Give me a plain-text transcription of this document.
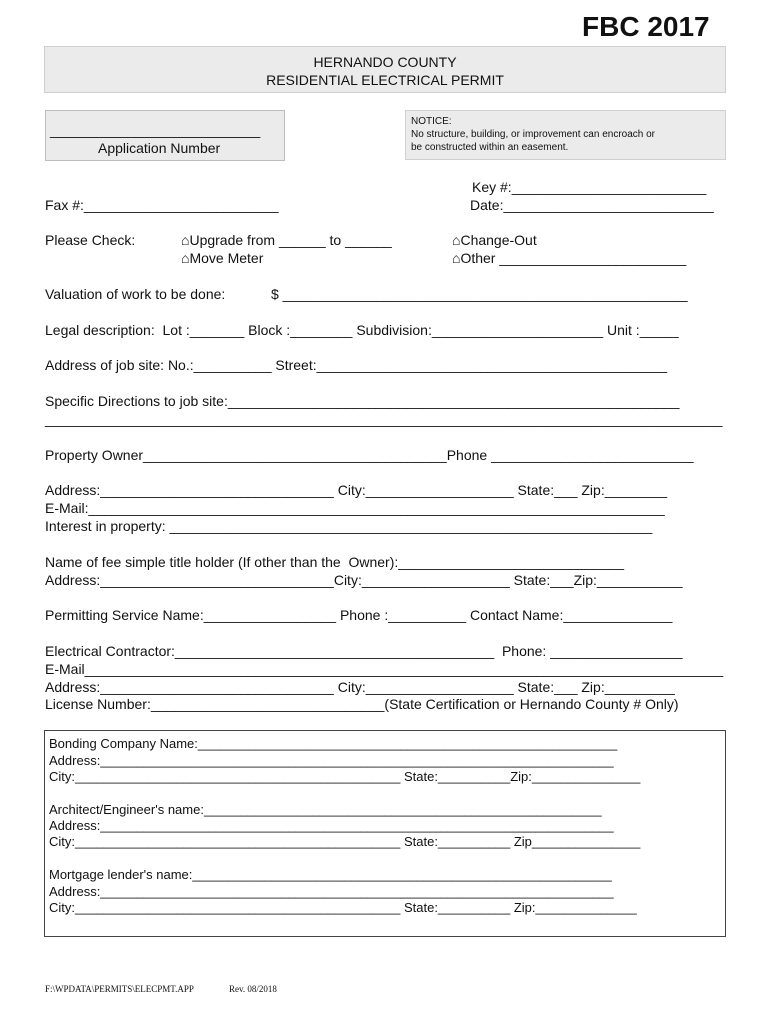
FBC 2017
HERNANDO COUNTY
RESIDENTIAL ELECTRICAL PERMIT
___________________________
Application Number
NOTICE:
No structure, building, or improvement can encroach or
be constructed within an easement.
Key #:_________________________
Fax #:_________________________	Date:___________________________
Please Check:	⌂Upgrade from ______ to ______
⌂Move Meter
⌂Change-Out
⌂Other ________________________
Valuation of work to be done:	$ ____________________________________________________
Legal description:  Lot :_______ Block :________ Subdivision:______________________ Unit :_____
Address of job site: No.:__________ Street:_____________________________________________
Specific Directions to job site:__________________________________________________________
_______________________________________________________________________________________
Property Owner_______________________________________Phone __________________________
Address:______________________________ City:___________________ State:___ Zip:________
E-Mail:__________________________________________________________________________
Interest in property: ______________________________________________________________
Name of fee simple title holder (If other than the  Owner):_____________________________
Address:______________________________City:___________________ State:___Zip:___________
Permitting Service Name:_________________ Phone :__________ Contact Name:______________
Electrical Contractor:_________________________________________  Phone: _________________
E-Mail__________________________________________________________________________________
Address:______________________________ City:___________________ State:___ Zip:_________
License Number:______________________________(State Certification or Hernando County # Only)
Bonding Company Name:__________________________________________________________
Address:_______________________________________________________________________
City:_____________________________________________ State:__________Zip:_______________
Architect/Engineer's name:_______________________________________________________
Address:_______________________________________________________________________
City:_____________________________________________ State:__________ Zip_______________
Mortgage lender's name:__________________________________________________________
Address:_______________________________________________________________________
City:_____________________________________________ State:__________ Zip:______________
F:\WPDATA\PERMITS\ELECPMT.APP	Rev. 08/2018
